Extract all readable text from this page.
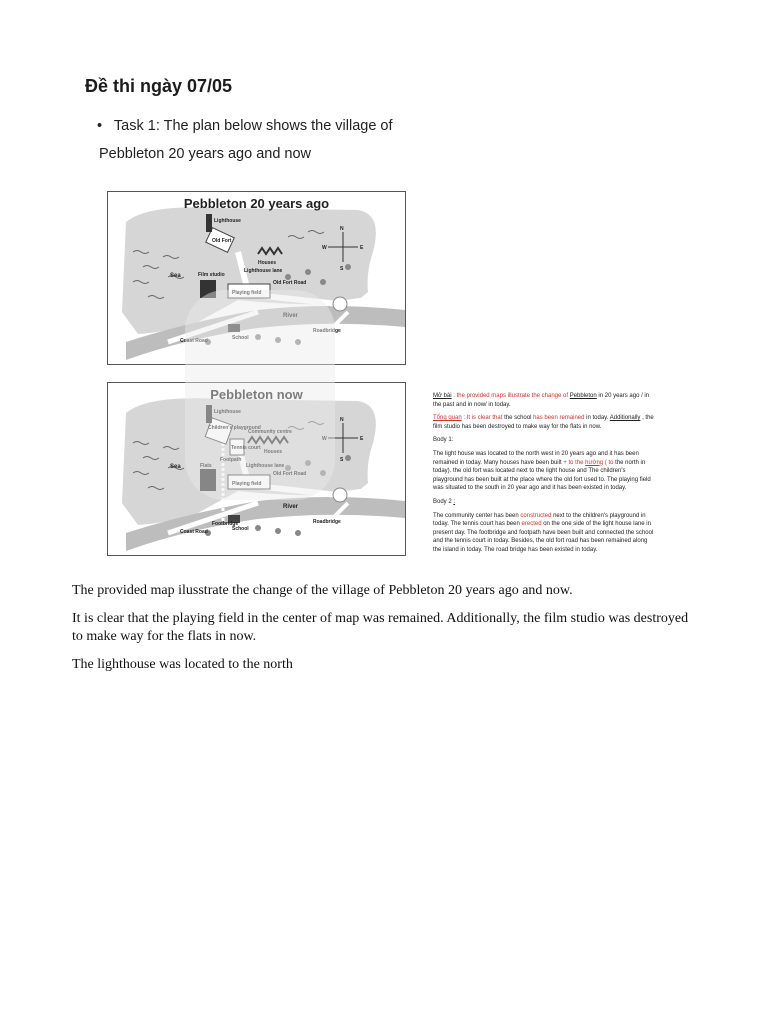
Đề thi ngày 07/05
• Task 1: The plan below shows the village of
Pebbleton 20 years ago and now
Lighthouse
Old Fort
Houses
Sea	Film studio
Lighthouse lane
Playing field
Old Fort Road
River
Coast Road	School
Roadbridge
N
S
W	E
Pebbleton 20 years ago
Lighthouse
Children's playground
Footpath
Tennis court
Community centre
Houses
Sea	Flats	Lighthouse lane
Playing field
Old Fort Road
River
Coast Road
Footbridge
School
Roadbridge
N
S
W	E
Pebbleton now	Mở bài : the provided maps illustrate the change of Pebbleton in 20 years ago / in the past and in now/ in today.

Tổng quan : It is clear that the school has been remained in today. Additionally , the film studio has been destroyed to make way for the flats in now.

Body 1:

The light house was located to the north west in 20 years ago and it has been remained in today. Many houses have been built + to the hướng ( to the north in today). the old fort was located next to the light house and The children's playground has been built at the place where the old fort used to. The playing field was situated to the south in 20 year ago and it has been existed in today.

Body 2 :

The community center has been constructed next to the children's playground in today. The tennis court has been erected on the one side of the light house lane in present day. The footbridge and footpath have been built and connected the school and the tennis court in today. Besides, the old fort road has been remained along the island in today. The road bridge has been existed in today.

The provided map ilusstrate the change of the village of Pebbleton 20 years ago and now.
It is clear that the playing field in the center of map was remained. Additionally, the film studio was destroyed to make way for the flats in now.
The lighthouse was located to the north
